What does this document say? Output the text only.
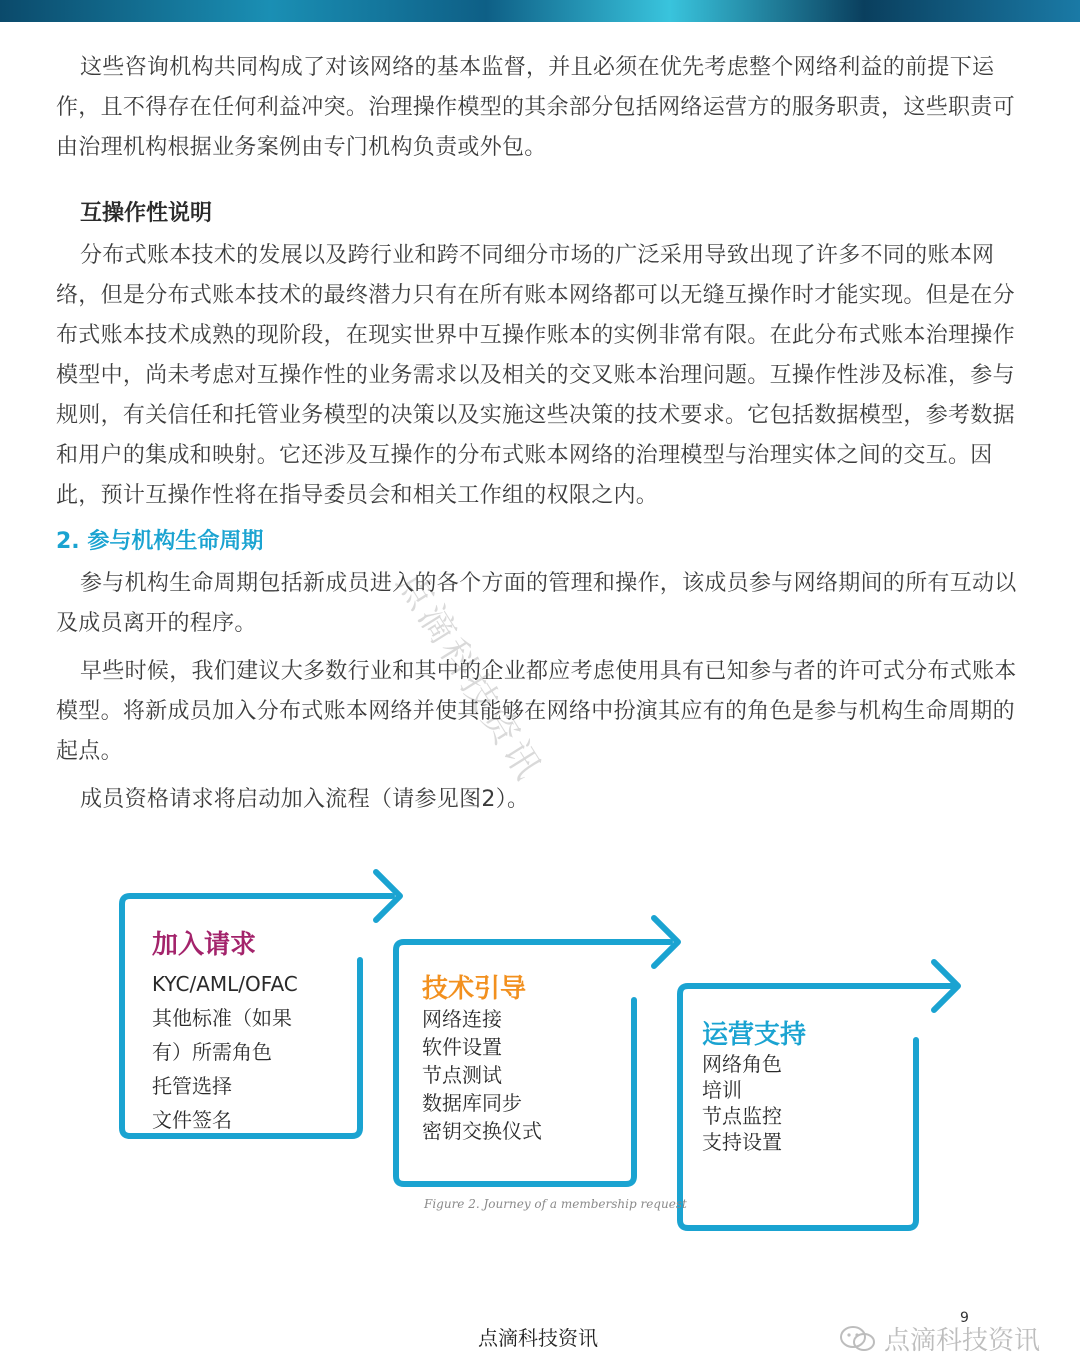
这些咨询机构共同构成了对该网络的基本监督，并且必须在优先考虑整个网络利益的前提下运作，且不得存在任何利益冲突。治理操作模型的其余部分包括网络运营方的服务职责，这些职责可由治理机构根据业务案例由专门机构负责或外包。

互操作性说明

分布式账本技术的发展以及跨行业和跨不同细分市场的广泛采用导致出现了许多不同的账本网络，但是分布式账本技术的最终潜力只有在所有账本网络都可以无缝互操作时才能实现。但是在分布式账本技术成熟的现阶段，在现实世界中互操作账本的实例非常有限。在此分布式账本治理操作模型中，尚未考虑对互操作性的业务需求以及相关的交叉账本治理问题。互操作性涉及标准，参与规则，有关信任和托管业务模型的决策以及实施这些决策的技术要求。它包括数据模型，参考数据和用户的集成和映射。它还涉及互操作的分布式账本网络的治理模型与治理实体之间的交互。因此，预计互操作性将在指导委员会和相关工作组的权限之内。

2. 参与机构生命周期

参与机构生命周期包括新成员进入的各个方面的管理和操作，该成员参与网络期间的所有互动以及成员离开的程序。

早些时候，我们建议大多数行业和其中的企业都应考虑使用具有已知参与者的许可式分布式账本模型。将新成员加入分布式账本网络并使其能够在网络中扮演其应有的角色是参与机构生命周期的起点。

成员资格请求将启动加入流程（请参见图2）。

点滴科技资讯

加入请求

KYC/AML/OFAC

其他标准（如果

有）所需角色

托管选择

文件签名

技术引导

网络连接

软件设置

节点测试

数据库同步

密钥交换仪式

运营支持

网络角色

培训

节点监控

支持设置

Figure 2. Journey of a membership request
9
点滴科技资讯	点滴科技资讯
